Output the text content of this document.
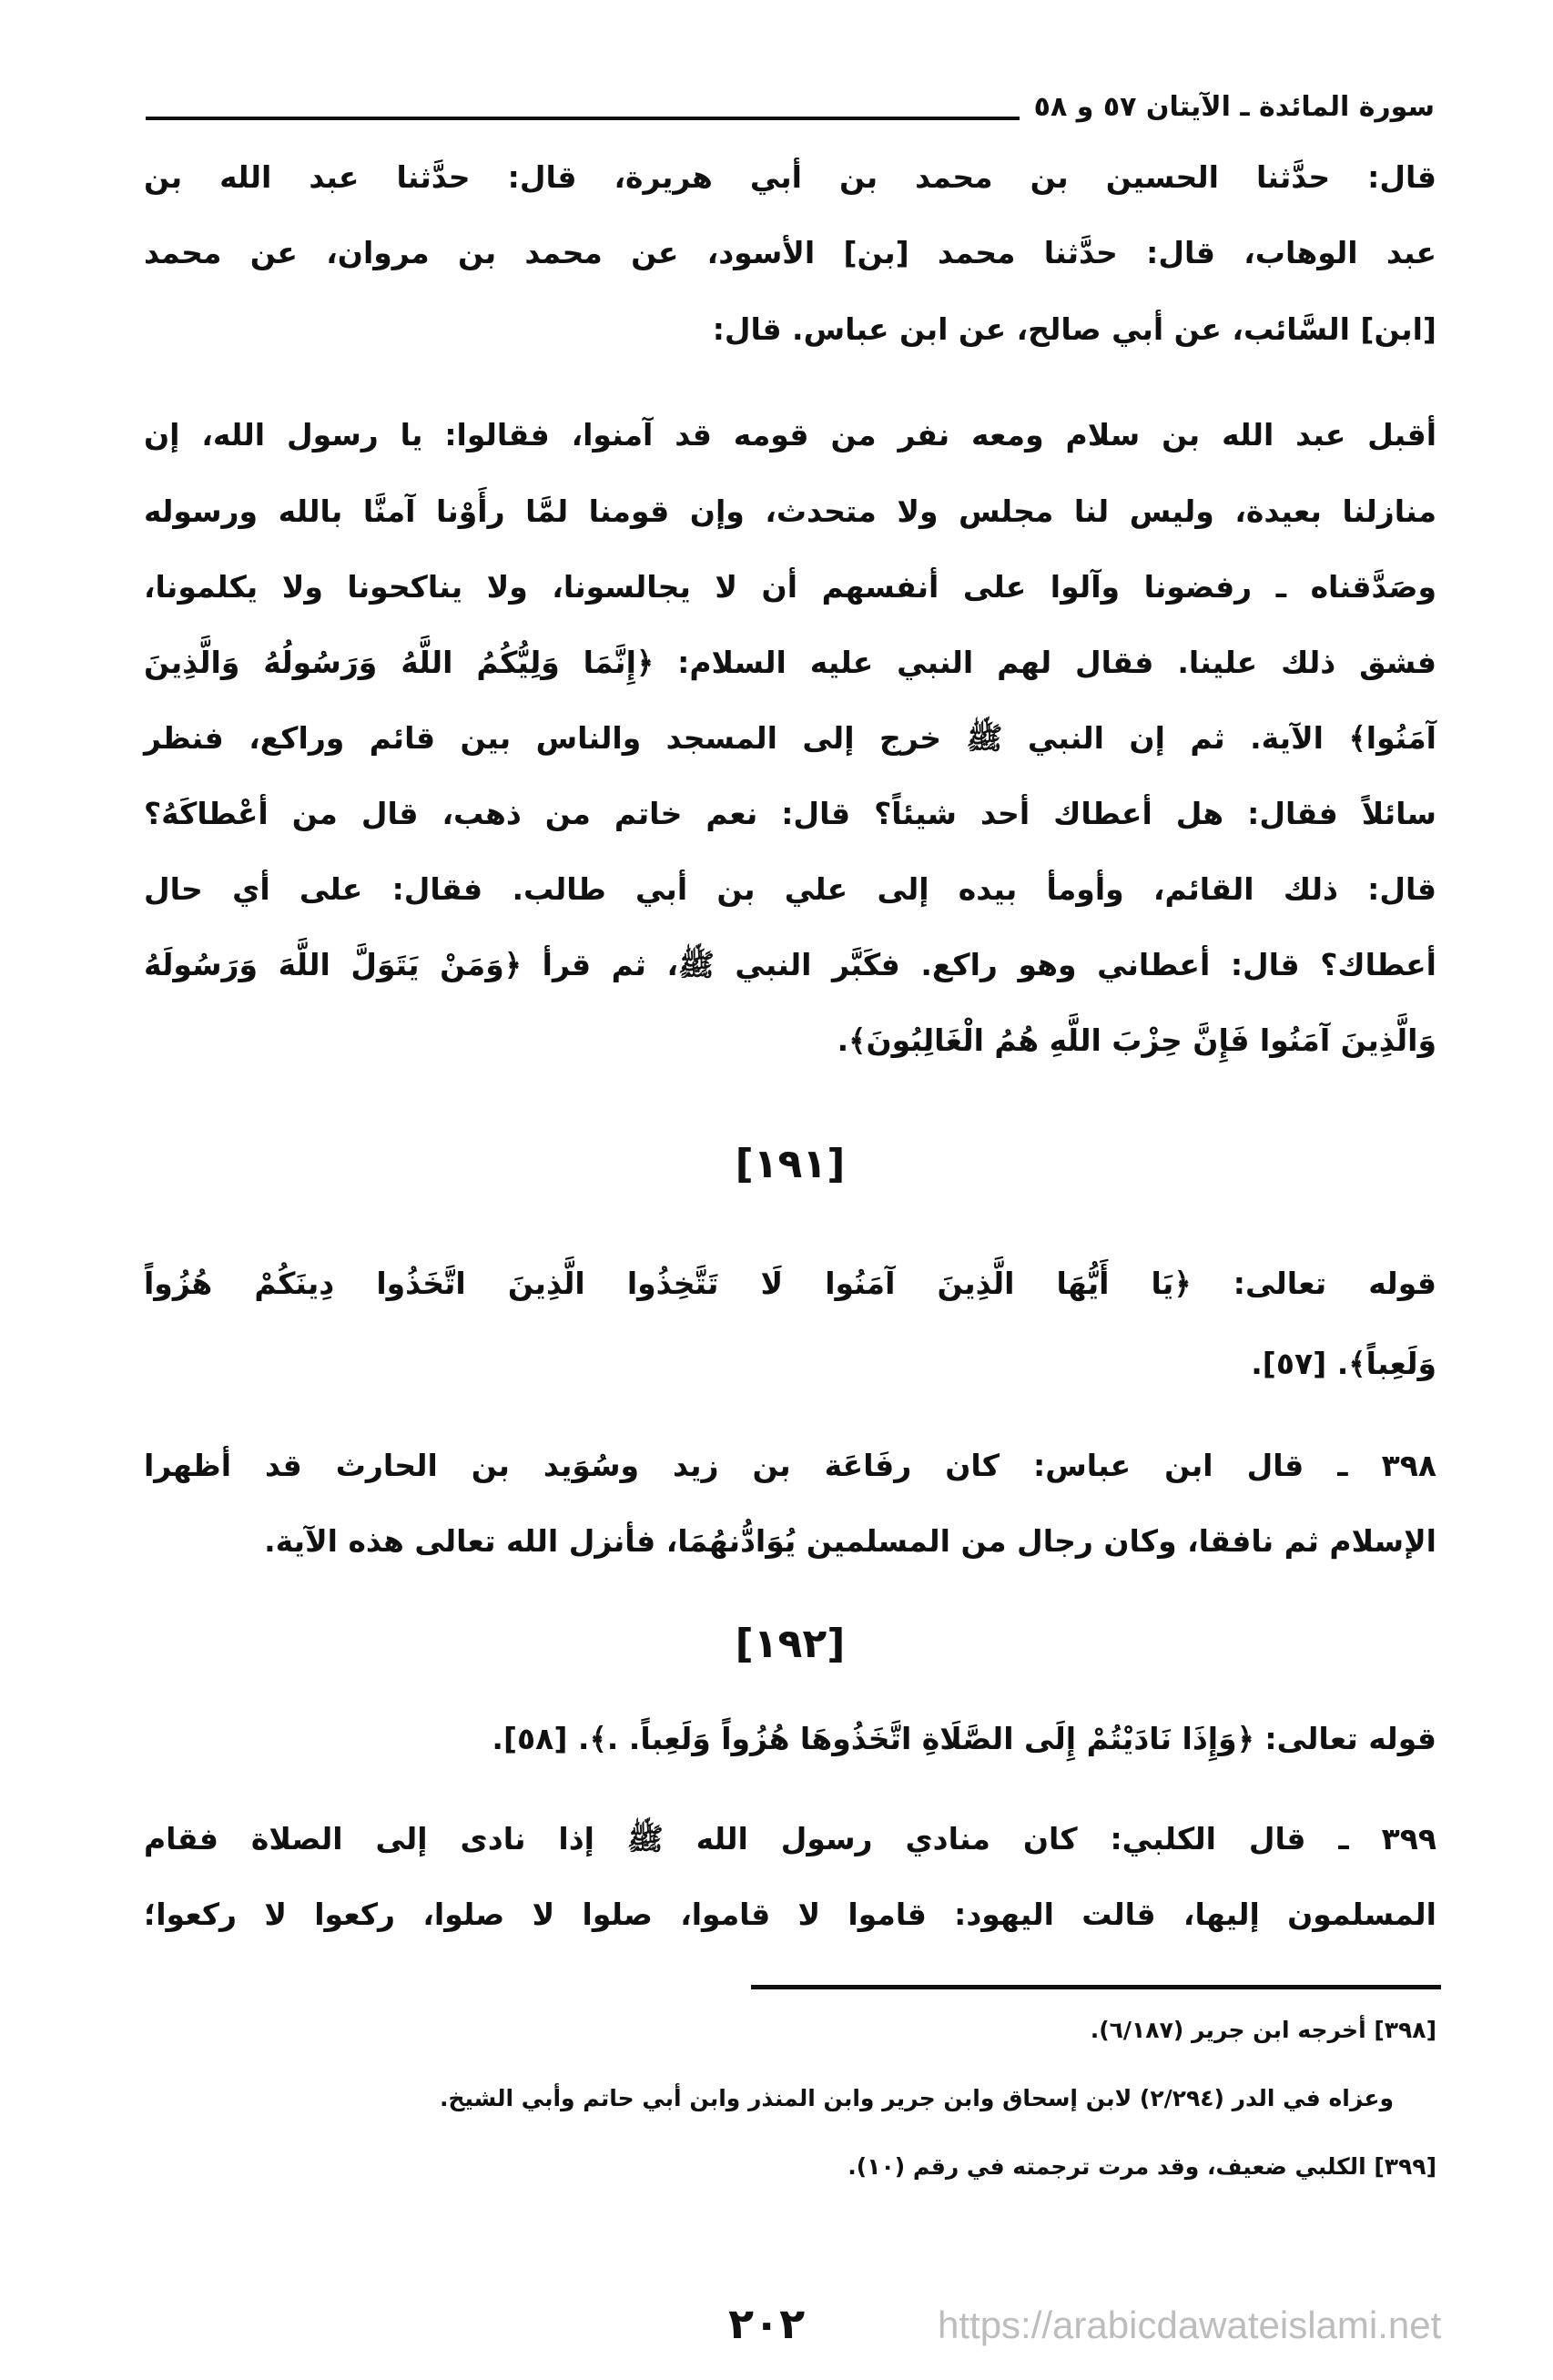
سورة المائدة ـ الآيتان ٥٧ و ٥٨
قال: حدَّثنا الحسين بن محمد بن أبي هريرة، قال: حدَّثنا عبد الله بن
عبد الوهاب، قال: حدَّثنا محمد [بن] الأسود، عن محمد بن مروان، عن محمد
[ابن] السَّائب، عن أبي صالح، عن ابن عباس. قال:
أقبل عبد الله بن سلام ومعه نفر من قومه قد آمنوا، فقالوا: يا رسول الله، إن
منازلنا بعيدة، وليس لنا مجلس ولا متحدث، وإن قومنا لمَّا رأَوْنا آمنَّا بالله ورسوله
وصَدَّقناه ـ رفضونا وآلوا على أنفسهم أن لا يجالسونا، ولا يناكحونا ولا يكلمونا،
فشق ذلك علينا. فقال لهم النبي عليه السلام: ﴿إِنَّمَا وَلِيُّكُمُ اللَّهُ وَرَسُولُهُ وَالَّذِينَ
آمَنُوا﴾ الآية. ثم إن النبي ﷺ خرج إلى المسجد والناس بين قائم وراكع، فنظر
سائلاً فقال: هل أعطاك أحد شيئاً؟ قال: نعم خاتم من ذهب، قال من أعْطاكَهُ؟
قال: ذلك القائم، وأومأ بيده إلى علي بن أبي طالب. فقال: على أي حال
أعطاك؟ قال: أعطاني وهو راكع. فكَبَّر النبي ﷺ، ثم قرأ ﴿وَمَنْ يَتَوَلَّ اللَّهَ وَرَسُولَهُ
وَالَّذِينَ آمَنُوا فَإِنَّ حِزْبَ اللَّهِ هُمُ الْغَالِبُونَ﴾.
[١٩١]
قوله تعالى: ﴿يَا أَيُّهَا الَّذِينَ آمَنُوا لَا تَتَّخِذُوا الَّذِينَ اتَّخَذُوا دِينَكُمْ هُزُواً
وَلَعِباً﴾. [٥٧].
٣٩٨ ـ قال ابن عباس: كان رفَاعَة بن زيد وسُوَيد بن الحارث قد أظهرا
الإسلام ثم نافقا، وكان رجال من المسلمين يُوَادُّنهُمَا، فأنزل الله تعالى هذه الآية.
[١٩٢]
قوله تعالى: ﴿وَإِذَا نَادَيْتُمْ إِلَى الصَّلَاةِ اتَّخَذُوهَا هُزُواً وَلَعِباً. .﴾. [٥٨].
٣٩٩ ـ قال الكلبي: كان منادي رسول الله ﷺ إذا نادى إلى الصلاة فقام
المسلمون إليها، قالت اليهود: قاموا لا قاموا، صلوا لا صلوا، ركعوا لا ركعوا؛
[٣٩٨] أخرجه ابن جرير (٦/١٨٧).
وعزاه في الدر (٢/٢٩٤) لابن إسحاق وابن جرير وابن المنذر وابن أبي حاتم وأبي الشيخ.
[٣٩٩] الكلبي ضعيف، وقد مرت ترجمته في رقم (١٠).
٢٠٢	https://arabicdawateislami.net
